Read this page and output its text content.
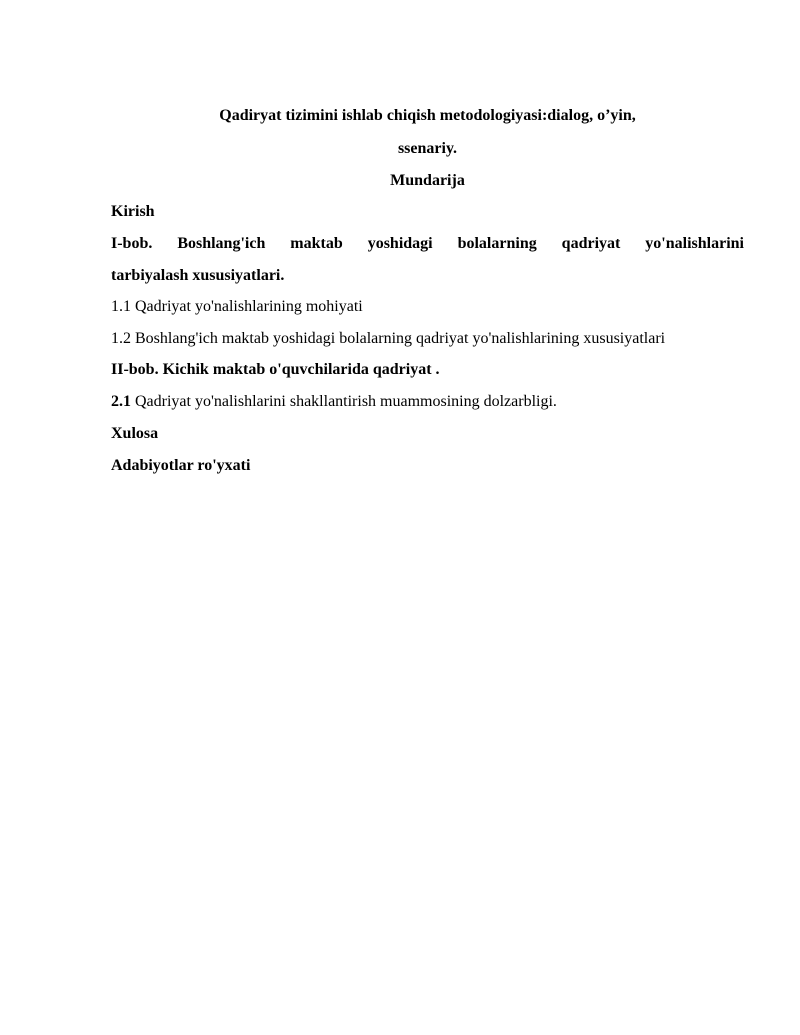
Qadiryat tizimini ishlab chiqish metodologiyasi:dialog, o’yin,
ssenariy.
Mundarija
Kirish
I-bob. Boshlang'ich maktab yoshidagi bolalarning qadriyat yo'nalishlarini
tarbiyalash xususiyatlari.
1.1 Qadriyat yo'nalishlarining mohiyati
1.2 Boshlang'ich maktab yoshidagi bolalarning qadriyat yo'nalishlarining xususiyatlari
II-bob. Kichik maktab o'quvchilarida qadriyat .
2.1 Qadriyat yo'nalishlarini shakllantirish muammosining dolzarbligi.
Xulosa
Adabiyotlar ro'yxati
